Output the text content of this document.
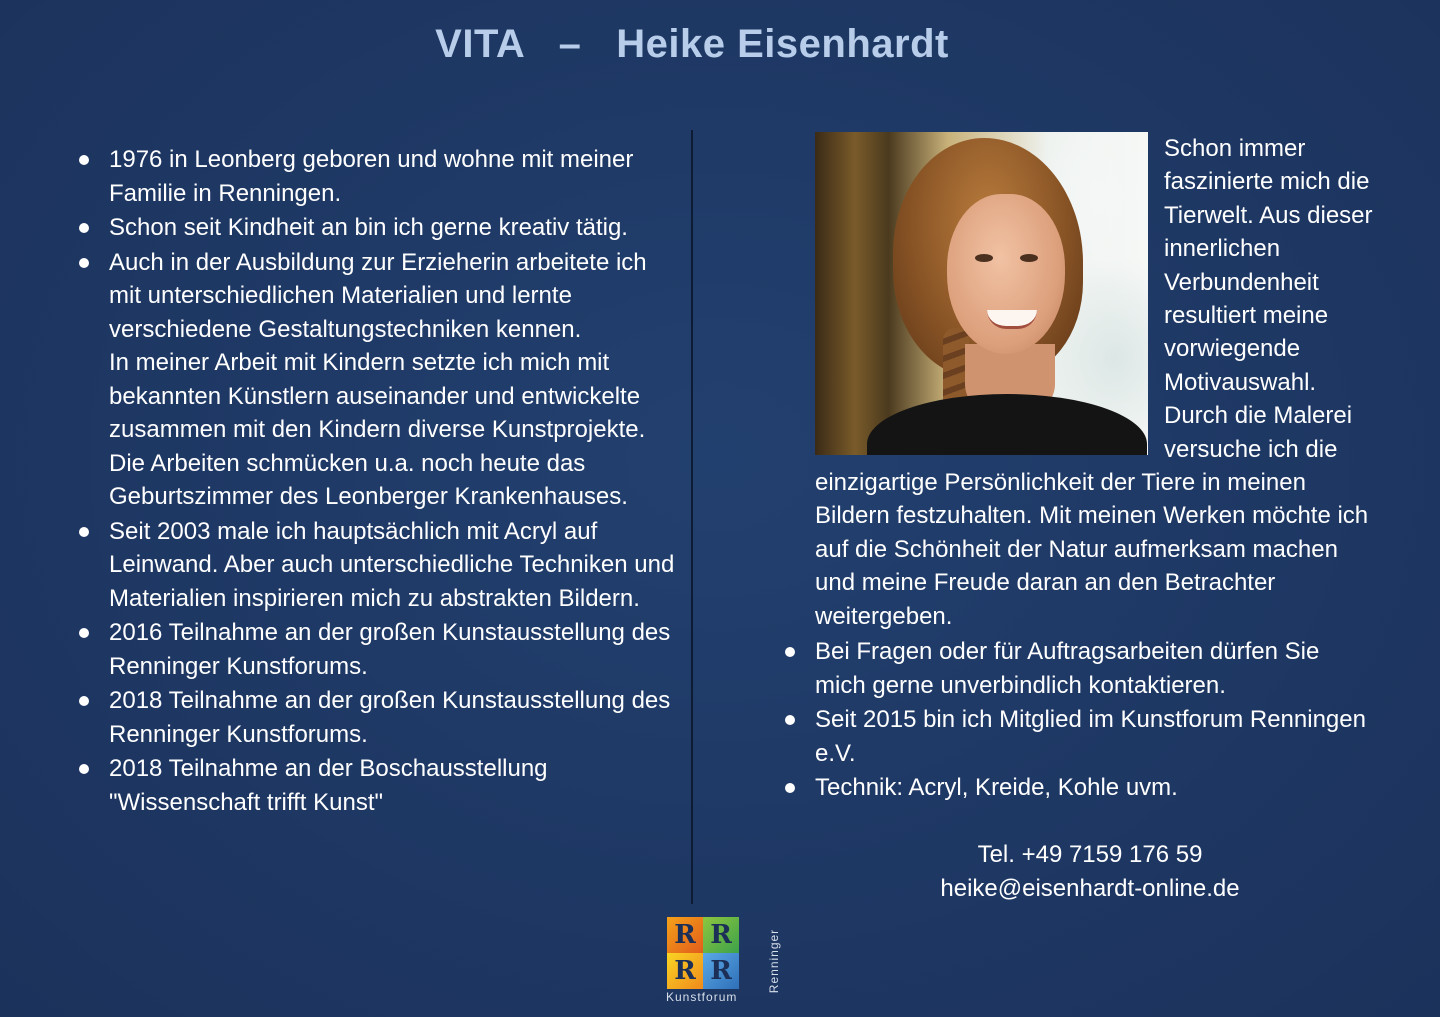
VITA   –   Heike Eisenhardt
1976 in Leonberg geboren und wohne mit meiner Familie in Renningen.
Schon seit Kindheit an bin ich gerne kreativ tätig.
Auch in der Ausbildung zur Erzieherin arbeitete ich mit unterschiedlichen Materialien und lernte verschiedene Gestaltungstechniken kennen.
In meiner Arbeit mit Kindern setzte ich mich mit bekannten Künstlern auseinander und entwickelte zusammen mit den Kindern diverse Kunstprojekte. Die Arbeiten schmücken u.a. noch heute das Geburtszimmer des Leonberger Krankenhauses.
Seit 2003 male ich hauptsächlich mit Acryl auf Leinwand. Aber auch unterschiedliche Techniken und Materialien inspirieren mich zu abstrakten Bildern.
2016 Teilnahme an der großen Kunstausstellung des Renninger Kunstforums.
2018 Teilnahme an der großen Kunstausstellung des Renninger Kunstforums.
2018 Teilnahme an der Boschausstellung "Wissenschaft trifft Kunst"

Schon immer faszinierte mich die Tierwelt. Aus dieser innerlichen Verbundenheit resultiert meine vorwiegende Motivauswahl. Durch die Malerei versuche ich die einzigartige Persönlichkeit der Tiere in meinen Bildern festzuhalten. Mit meinen Werken möchte ich auf die Schönheit der Natur aufmerksam machen und meine Freude daran an den Betrachter weitergeben.

Bei Fragen oder für Auftragsarbeiten dürfen Sie mich gerne unverbindlich kontaktieren.
Seit 2015 bin ich Mitglied im Kunstforum Renningen e.V.
Technik: Acryl, Kreide, Kohle uvm.
Tel. +49 7159 176 59
heike@eisenhardt-online.de
R R
R R	Renninger
Kunstforum
